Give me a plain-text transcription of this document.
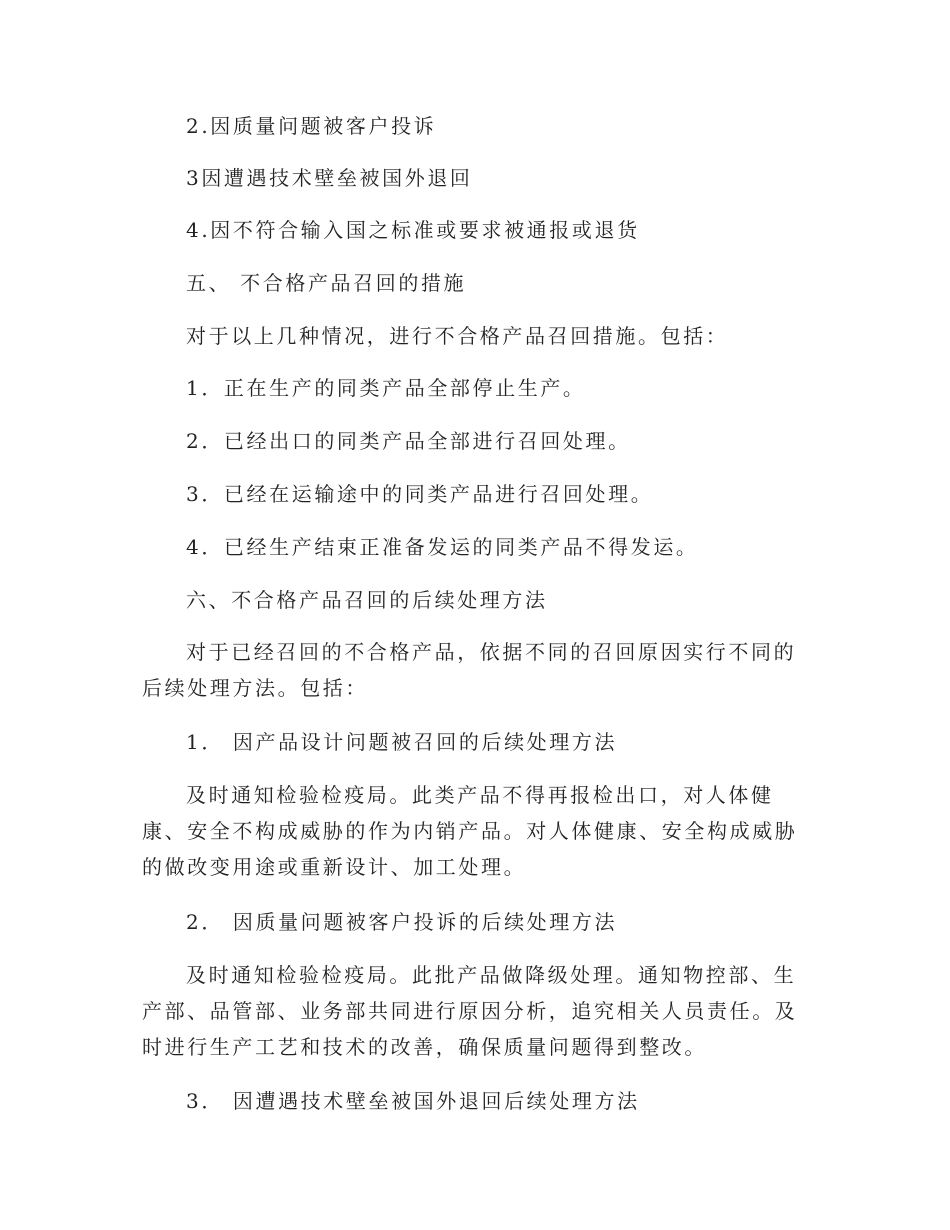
2.因质量问题被客户投诉
3因遭遇技术壁垒被国外退回
4.因不符合输入国之标准或要求被通报或退货
五、 不合格产品召回的措施
对于以上几种情况，进行不合格产品召回措施。包括：
1．正在生产的同类产品全部停止生产。
2．已经出口的同类产品全部进行召回处理。
3．已经在运输途中的同类产品进行召回处理。
4．已经生产结束正准备发运的同类产品不得发运。
六、不合格产品召回的后续处理方法
对于已经召回的不合格产品，依据不同的召回原因实行不同的后续处理方法。包括：
1． 因产品设计问题被召回的后续处理方法
及时通知检验检疫局。此类产品不得再报检出口，对人体健康、安全不构成威胁的作为内销产品。对人体健康、安全构成威胁的做改变用途或重新设计、加工处理。
2． 因质量问题被客户投诉的后续处理方法
及时通知检验检疫局。此批产品做降级处理。通知物控部、生产部、品管部、业务部共同进行原因分析，追究相关人员责任。及时进行生产工艺和技术的改善，确保质量问题得到整改。
3． 因遭遇技术壁垒被国外退回后续处理方法
